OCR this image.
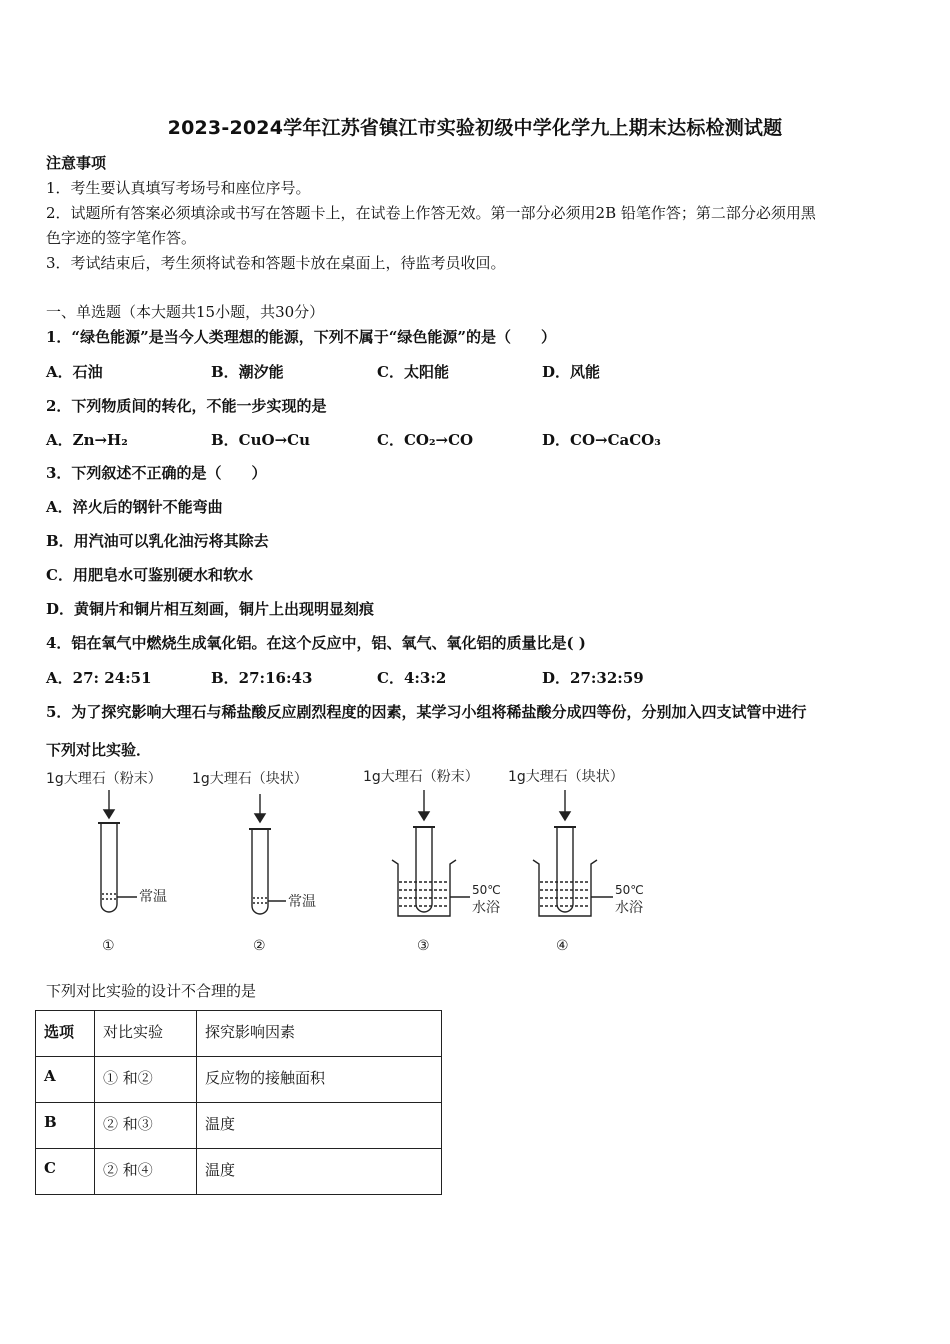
2023-2024学年江苏省镇江市实验初级中学化学九上期末达标检测试题
注意事项
1．考生要认真填写考场号和座位序号。
2．试题所有答案必须填涂或书写在答题卡上，在试卷上作答无效。第一部分必须用2B 铅笔作答；第二部分必须用黑
色字迹的签字笔作答。
3．考试结束后，考生须将试卷和答题卡放在桌面上，待监考员收回。
一、单选题（本大题共15小题，共30分）
1．“绿色能源”是当今人类理想的能源，下列不属于“绿色能源”的是（　　）
A．石油	B．潮汐能	C．太阳能	D．风能
2．下列物质间的转化，不能一步实现的是
A．Zn→H₂	B．CuO→Cu	C．CO₂→CO	D．CO→CaCO₃
3．下列叙述不正确的是（　　）
A．淬火后的钢针不能弯曲
B．用汽油可以乳化油污将其除去
C．用肥皂水可鉴别硬水和软水
D．黄铜片和铜片相互刻画，铜片上出现明显刻痕
4．铝在氧气中燃烧生成氧化铝。在这个反应中，铝、氧气、氧化铝的质量比是( )
A．27: 24:51	B．27:16:43	C．4:3:2	D．27:32:59
5．为了探究影响大理石与稀盐酸反应剧烈程度的因素，某学习小组将稀盐酸分成四等份，分别加入四支试管中进行
下列对比实验．
1g大理石（粉末）
常温
①
1g大理石（块状）
常温
②
1g大理石（粉末）
50℃
水浴
③
1g大理石（块状）
50℃
水浴
④
下列对比实验的设计不合理的是
选项	对比实验	探究影响因素
A	① 和②	反应物的接触面积
B	② 和③	温度
C	② 和④	温度
